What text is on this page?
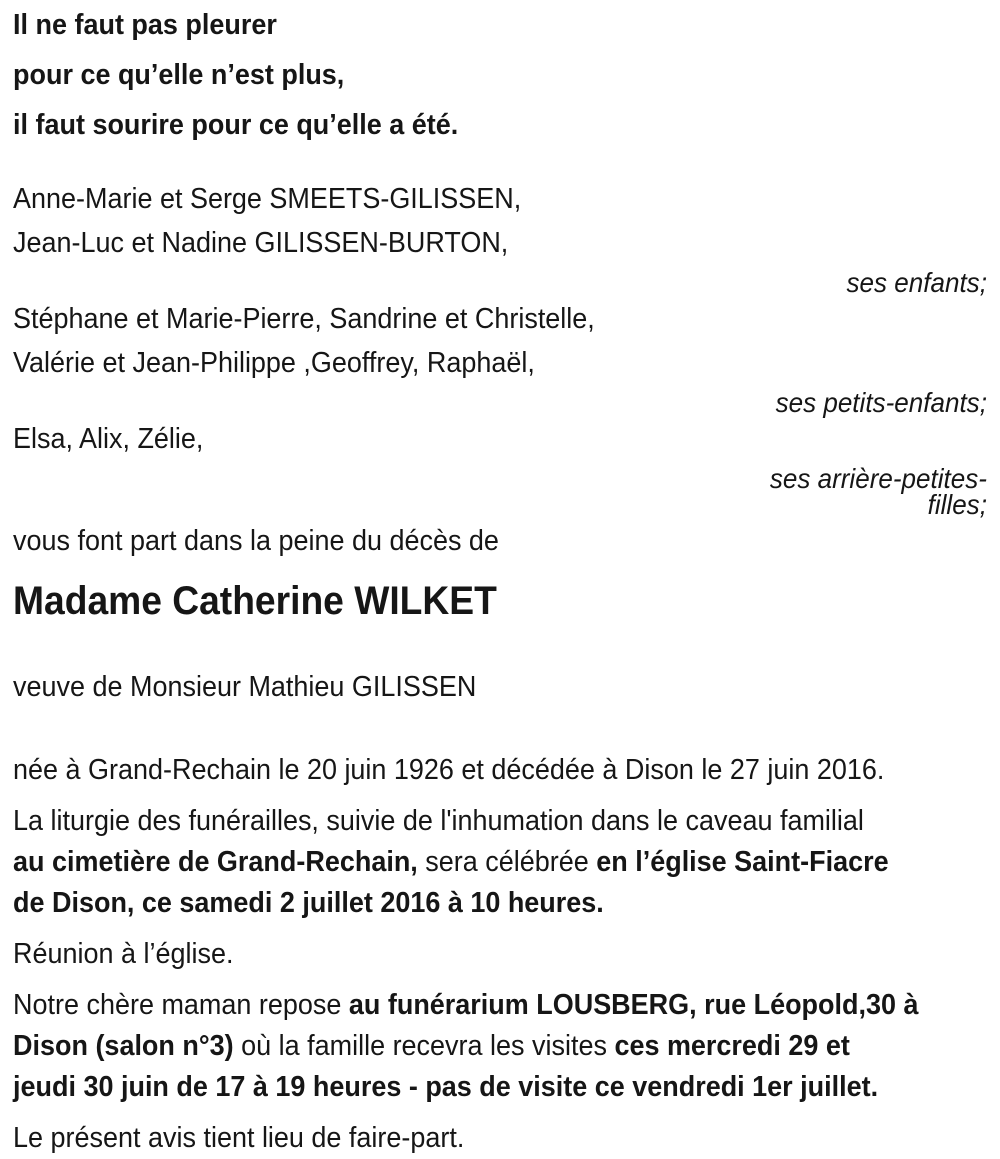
Il ne faut pas pleurer

pour ce qu’elle n’est plus,

il faut sourire pour ce qu’elle a été.

Anne-Marie et Serge SMEETS-GILISSEN,

Jean-Luc et Nadine GILISSEN-BURTON,

ses enfants;

Stéphane et Marie-Pierre, Sandrine et Christelle,

Valérie et Jean-Philippe ,Geoffrey, Raphaël,

ses petits-enfants;

Elsa, Alix, Zélie,

ses arrière-petites-

filles;

vous font part dans la peine du décès de

Madame Catherine WILKET

veuve de Monsieur Mathieu GILISSEN

née à Grand-Rechain le 20 juin 1926 et décédée à Dison le 27 juin 2016.

La liturgie des funérailles, suivie de l'inhumation dans le caveau familial

au cimetière de Grand-Rechain, sera célébrée en l’église Saint-Fiacre

de Dison, ce samedi 2 juillet 2016 à 10 heures.

Réunion à l’église.

Notre chère maman repose au funérarium LOUSBERG, rue Léopold,30 à

Dison (salon n°3) où la famille recevra les visites ces mercredi 29 et

jeudi 30 juin de 17 à 19 heures - pas de visite ce vendredi 1er juillet.

Le présent avis tient lieu de faire-part.
